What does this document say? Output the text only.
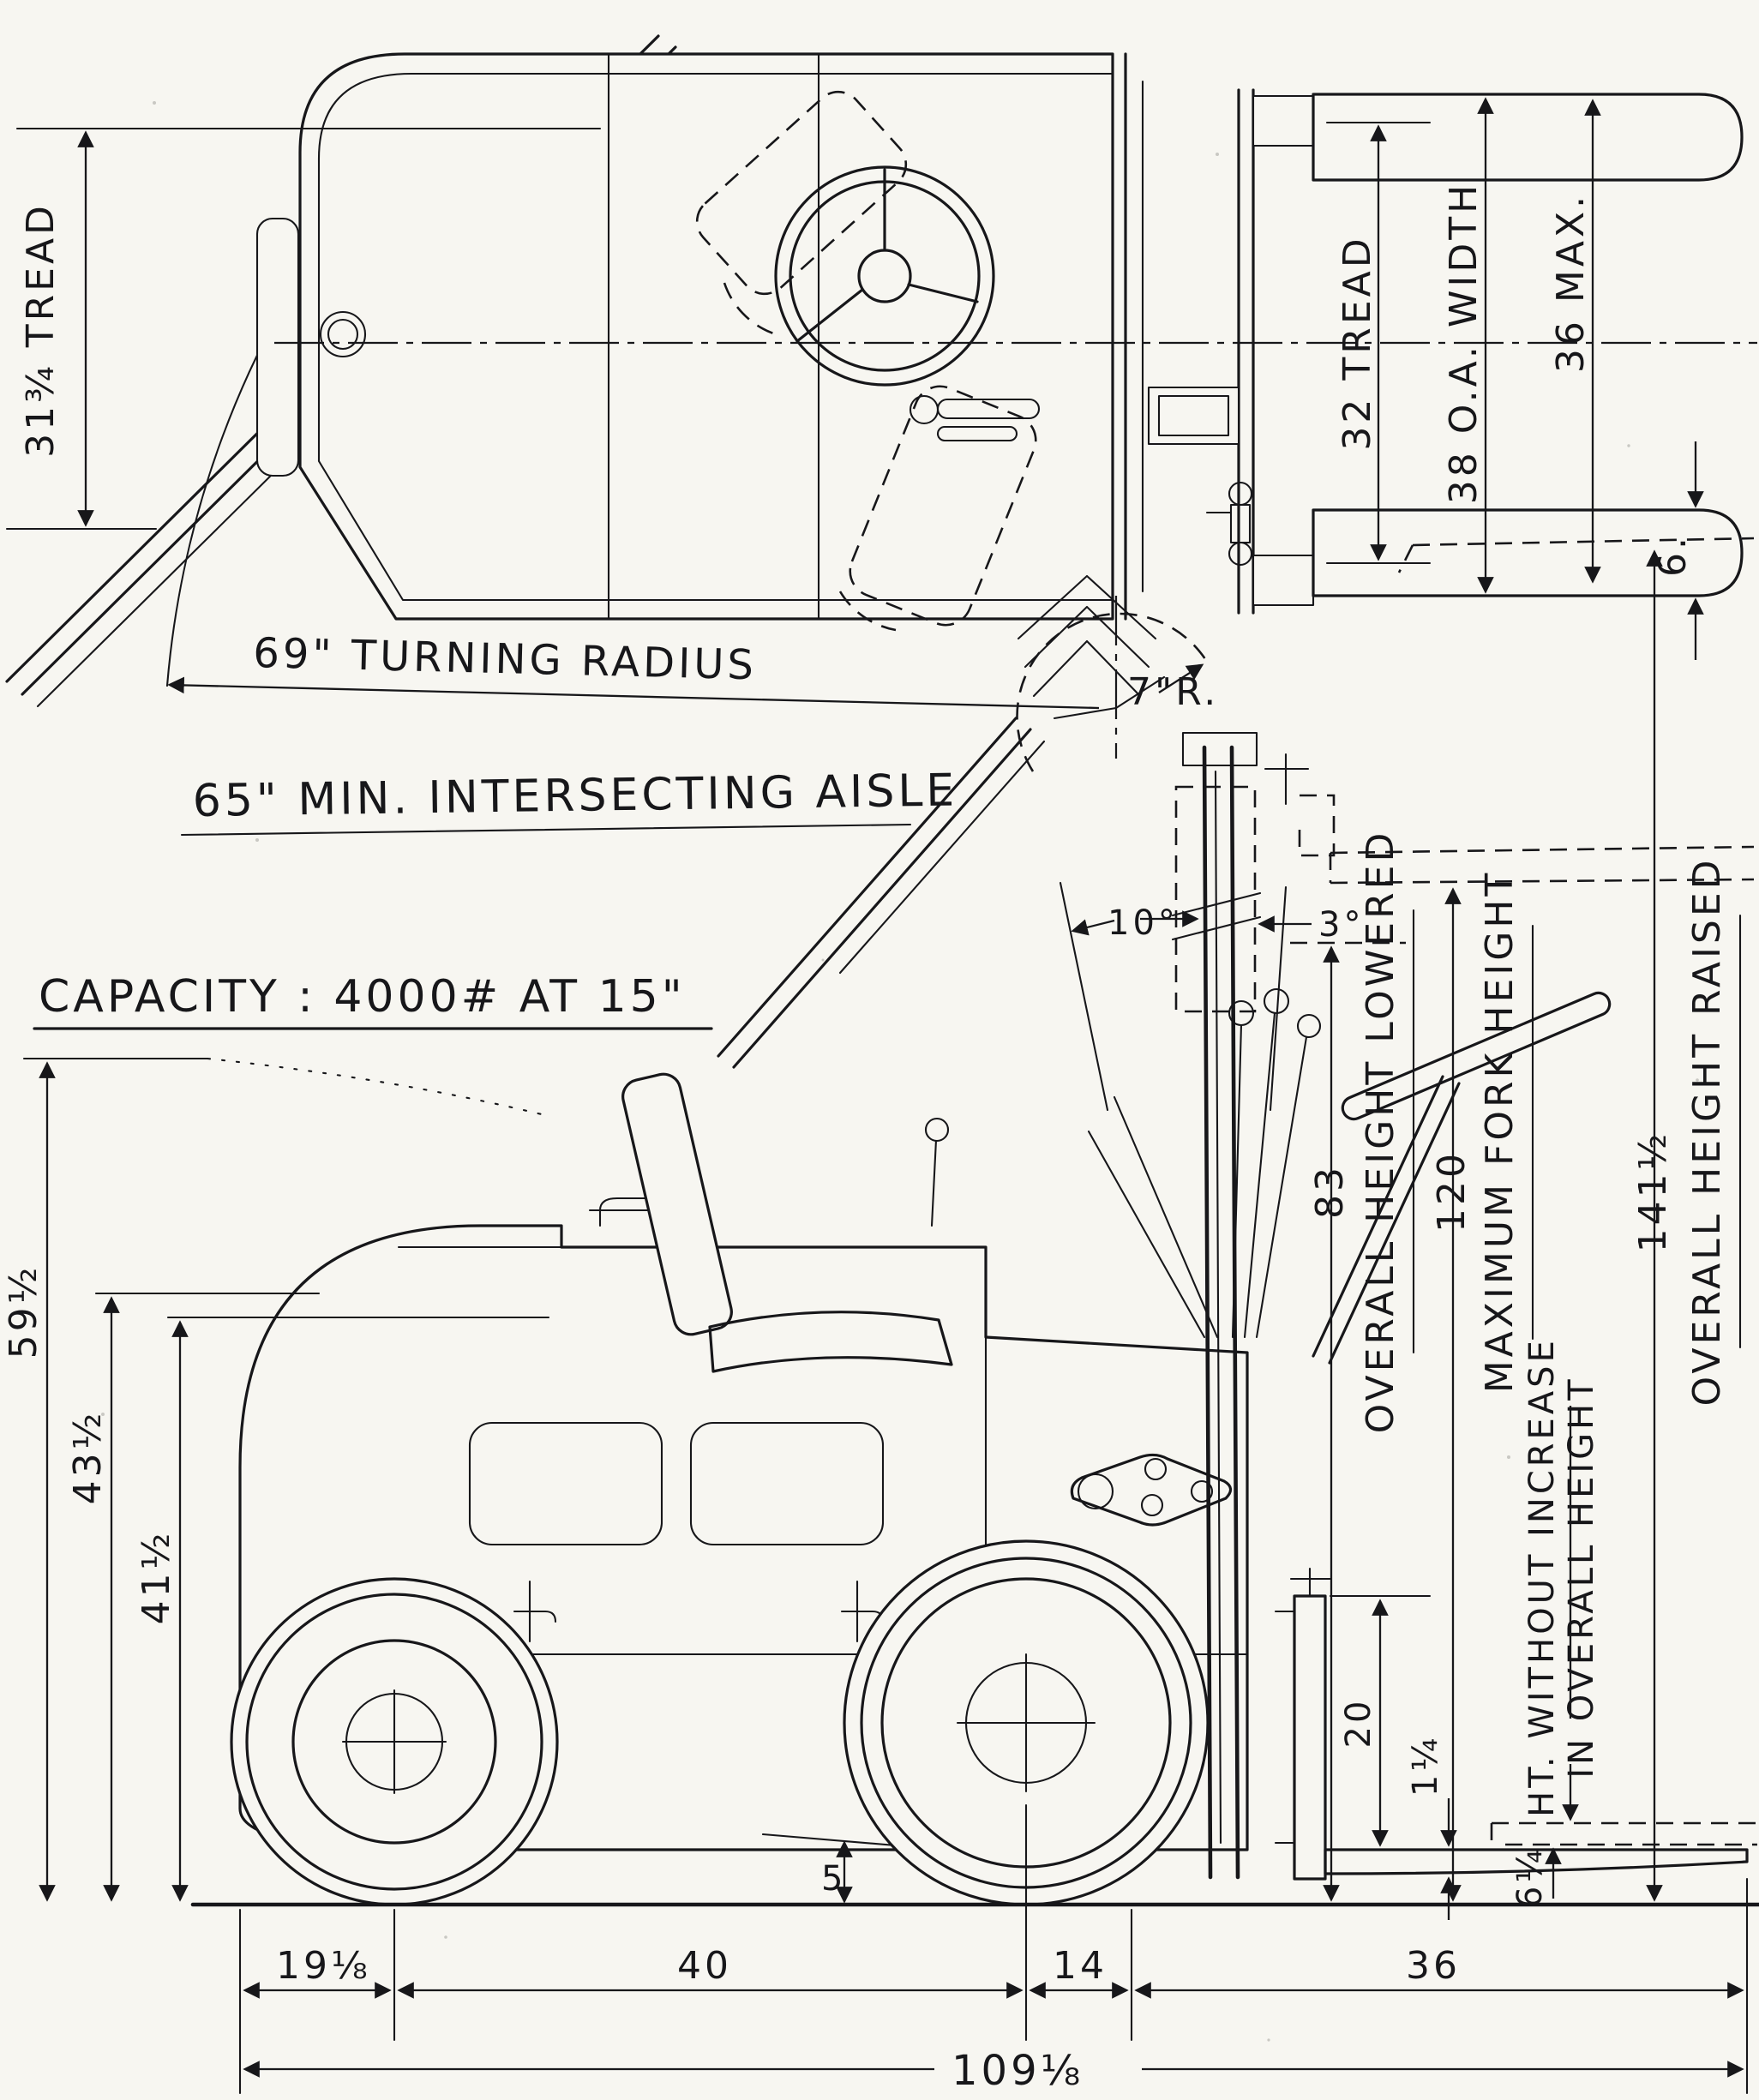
31¾ TREAD
69" TURNING RADIUS
7"R.
32 TREAD 38 O.A. WIDTH 36 MAX.
6.
65" MIN. INTERSECTING AISLE
CAPACITY : 4000# AT 15"
10°	3°
59½
43½
41½
20
1¼
6¼
5
83 OVERALL HEIGHT LOWERED 120 MAXIMUM FORK HEIGHT
HT. WITHOUT INCREASE IN OVERALL HEIGHT
141½ OVERALL HEIGHT RAISED
19⅛	40	14	36
109⅛
